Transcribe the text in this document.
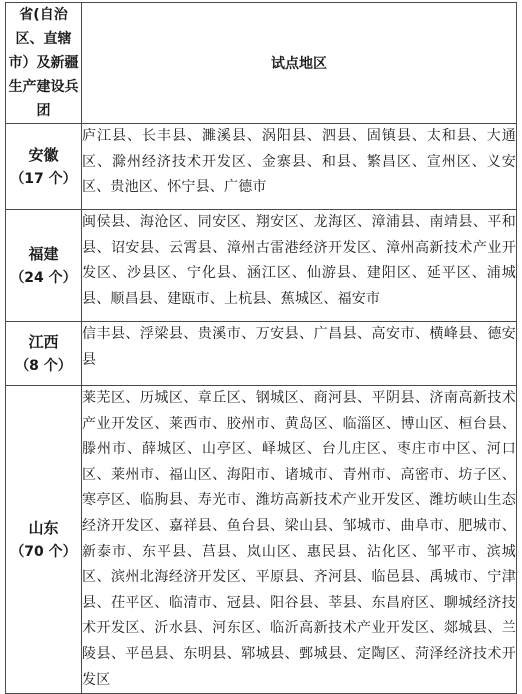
省(自治区、直辖市）及新疆生产建设兵团	试点地区

安徽
（17 个）	庐江县、长丰县、濉溪县、涡阳县、泗县、固镇县、太和县、大通区、滁州经济技术开发区、金寨县、和县、繁昌区、宣州区、义安区、贵池区、怀宁县、广德市

福建
（24 个）	闽侯县、海沧区、同安区、翔安区、龙海区、漳浦县、南靖县、平和县、诏安县、云霄县、漳州古雷港经济开发区、漳州高新技术产业开发区、沙县区、宁化县、涵江区、仙游县、建阳区、延平区、浦城县、顺昌县、建瓯市、上杭县、蕉城区、福安市

江西
（8 个）	信丰县、浮梁县、贵溪市、万安县、广昌县、高安市、横峰县、德安县

山东
（70 个）	莱芜区、历城区、章丘区、钢城区、商河县、平阴县、济南高新技术产业开发区、莱西市、胶州市、黄岛区、临淄区、博山区、桓台县、滕州市、薛城区、山亭区、峄城区、台儿庄区、枣庄市中区、河口区、莱州市、福山区、海阳市、诸城市、青州市、高密市、坊子区、寒亭区、临朐县、寿光市、潍坊高新技术产业开发区、潍坊峡山生态经济开发区、嘉祥县、鱼台县、梁山县、邹城市、曲阜市、肥城市、新泰市、东平县、莒县、岚山区、惠民县、沾化区、邹平市、滨城区、滨州北海经济开发区、平原县、齐河县、临邑县、禹城市、宁津县、茌平区、临清市、冠县、阳谷县、莘县、东昌府区、聊城经济技术开发区、沂水县、河东区、临沂高新技术产业开发区、郯城县、兰陵县、平邑县、东明县、郓城县、鄄城县、定陶区、菏泽经济技术开发区
